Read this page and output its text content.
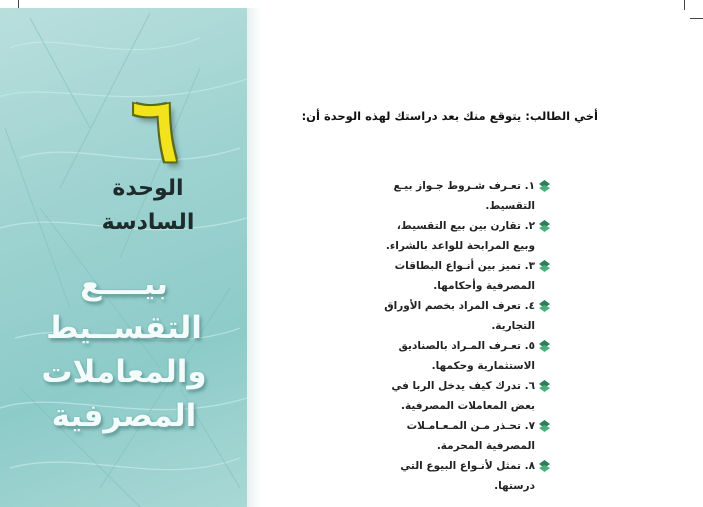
٦
الوحدة
السادسة
بيــــع
التقســيط
والمعاملات
المصرفية
أخي الطالب: يتوقع منك بعد دراستك لهذه الوحدة أن:
١. تعـرف شـروط جـواز بيـع التقسيط.
٢. تقارن بين بيع التقسيط، وبيع المرابحة للواعد بالشراء.
٣. تميز بين أنـواع البطاقات المصرفية وأحكامها.
٤. تعرف المراد بخصم الأوراق التجارية.
٥. تعـرف المـراد بالصناديق الاستثمارية وحكمها.
٦. تدرك كيف يدخل الربا في بعض المعاملات المصرفية.
٧. تحـذر مـن المـعـامـلات المصرفية المحرمة.
٨. تمثل لأنـواع البيوع التي درستها.
